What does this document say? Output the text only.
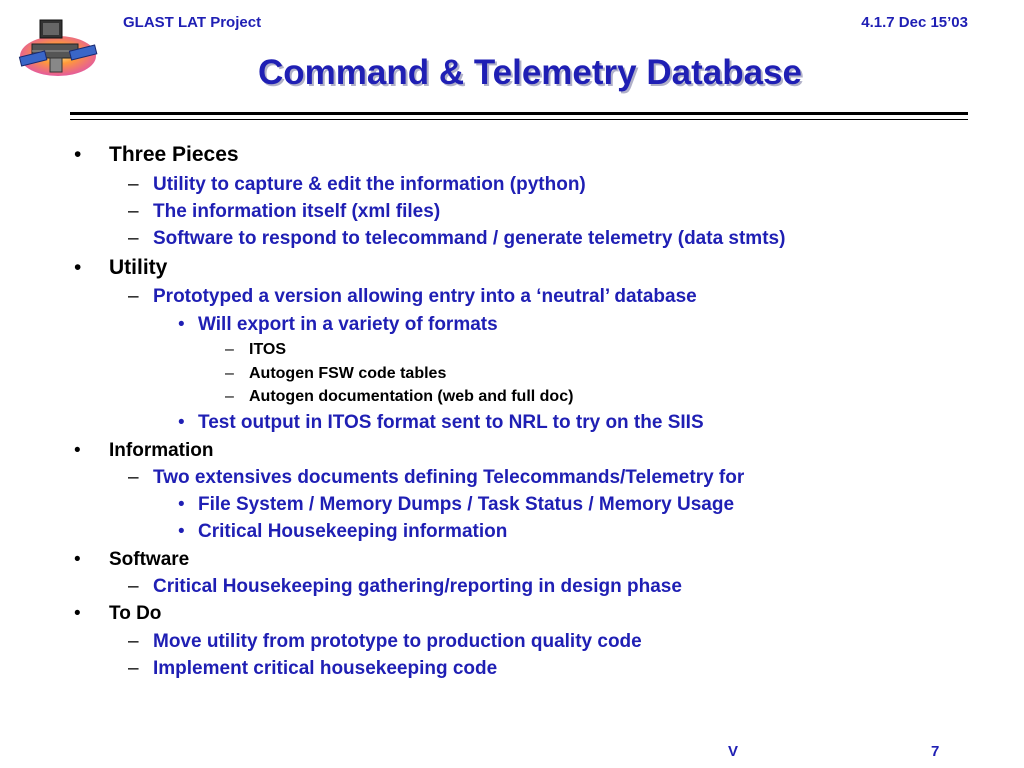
GLAST LAT Project	4.1.7 Dec 15’03
Command & Telemetry Database
• Three Pieces
– Utility to capture & edit the information (python)
– The information itself (xml files)
– Software to respond to telecommand / generate telemetry (data stmts)
• Utility
– Prototyped a version allowing entry into a ‘neutral’ database
• Will export in a variety of formats
– ITOS
– Autogen FSW code tables
– Autogen documentation (web and full doc)
• Test output in ITOS format sent to NRL to try on the SIIS
• Information
– Two extensives documents defining Telecommands/Telemetry for
• File System / Memory Dumps / Task Status / Memory Usage
• Critical Housekeeping information
• Software
– Critical Housekeeping gathering/reporting in design phase
• To Do
– Move utility from prototype to production quality code
– Implement critical housekeeping code
V	7
